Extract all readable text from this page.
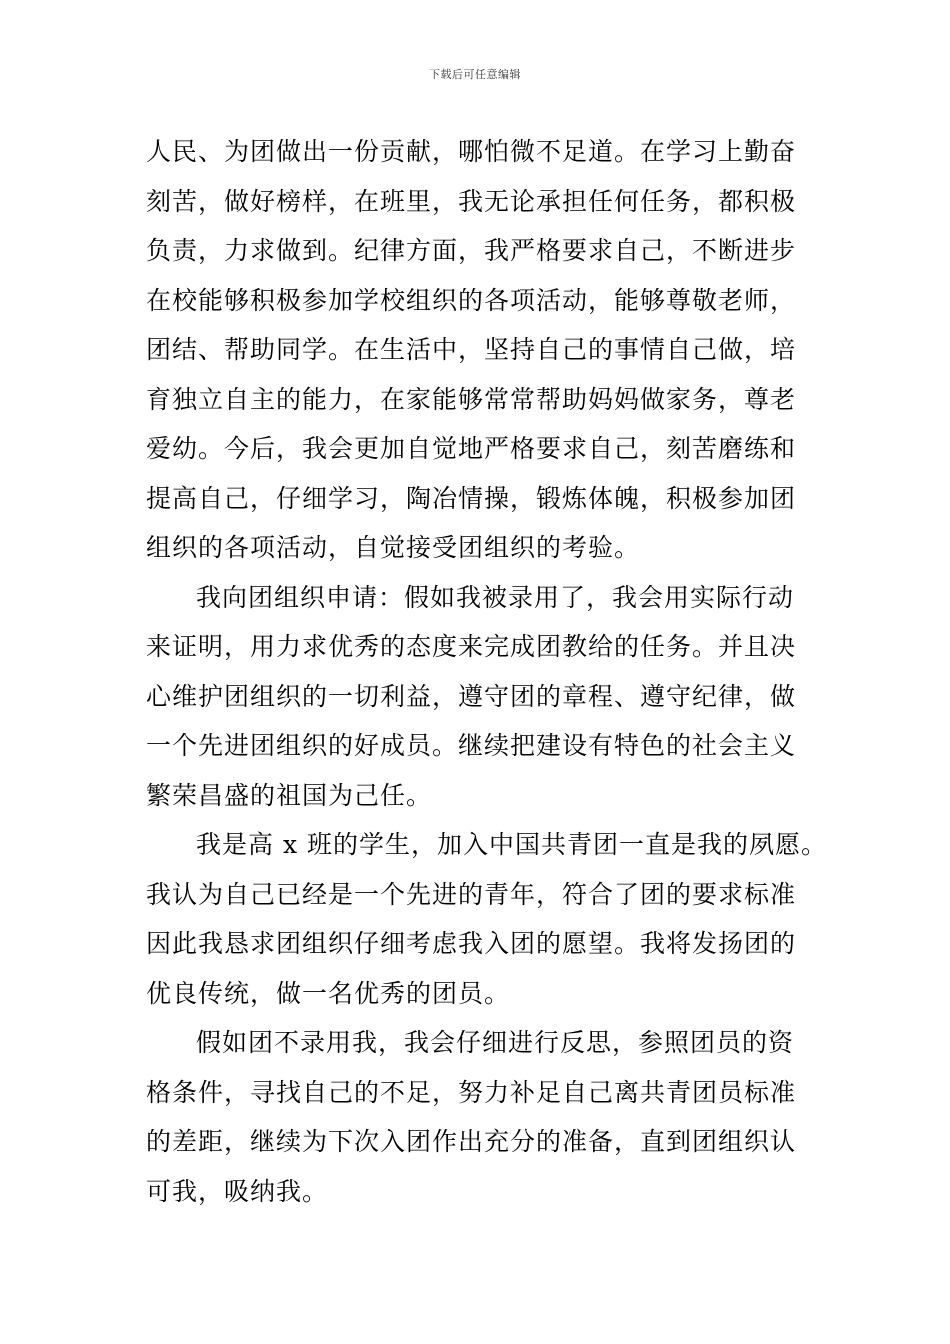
下载后可任意编辑
人民、为团做出一份贡献，哪怕微不足道。在学习上勤奋
刻苦，做好榜样，在班里，我无论承担任何任务，都积极
负责，力求做到。纪律方面，我严格要求自己，不断进步
在校能够积极参加学校组织的各项活动，能够尊敬老师，
团结、帮助同学。在生活中，坚持自己的事情自己做，培
育独立自主的能力，在家能够常常帮助妈妈做家务，尊老
爱幼。今后，我会更加自觉地严格要求自己，刻苦磨练和
提高自己，仔细学习，陶冶情操，锻炼体魄，积极参加团
组织的各项活动，自觉接受团组织的考验。
我向团组织申请：假如我被录用了，我会用实际行动
来证明，用力求优秀的态度来完成团教给的任务。并且决
心维护团组织的一切利益，遵守团的章程、遵守纪律，做
一个先进团组织的好成员。继续把建设有特色的社会主义
繁荣昌盛的祖国为己任。
我是高 x 班的学生，加入中国共青团一直是我的夙愿。
我认为自己已经是一个先进的青年，符合了团的要求标准
因此我恳求团组织仔细考虑我入团的愿望。我将发扬团的
优良传统，做一名优秀的团员。
假如团不录用我，我会仔细进行反思，参照团员的资
格条件，寻找自己的不足，努力补足自己离共青团员标准
的差距，继续为下次入团作出充分的准备，直到团组织认
可我，吸纳我。
